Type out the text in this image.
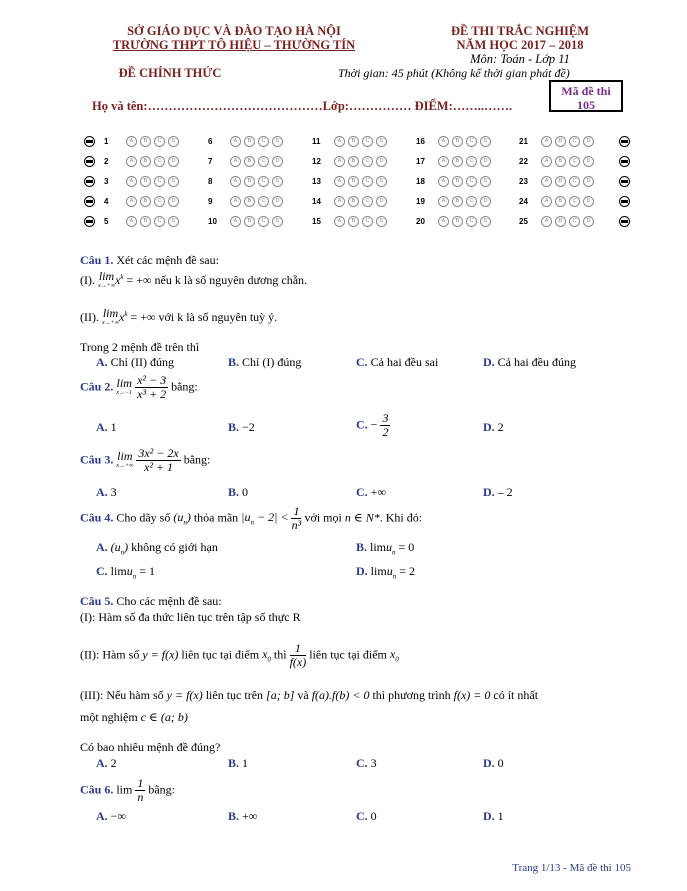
SỞ GIÁO DỤC VÀ ĐÀO TẠO HÀ NỘI
TRƯỜNG THPT TÔ HIỆU – THƯỜNG TÍN
ĐỀ CHÍNH THỨC
ĐỀ THI TRẮC NGHIỆM
NĂM HỌC 2017 – 2018
Môn: Toán - Lớp 11
Thời gian: 45 phút (Không kể thời gian phát đề)
Họ và tên:……………………………………Lớp:…………… ĐIỂM:……..…….
Mã đề thi
105
1	A	B	C	D	6	A	B	C	D	11	A	B	C	D	16	A	B	C	D	21	A	B	C	D
2	A	B	C	D	7	A	B	C	D	12	A	B	C	D	17	A	B	C	D	22	A	B	C	D
3	A	B	C	D	8	A	B	C	D	13	A	B	C	D	18	A	B	C	D	23	A	B	C	D
4	A	B	C	D	9	A	B	C	D	14	A	B	C	D	19	A	B	C	D	24	A	B	C	D
5	A	B	C	D	10	A	B	C	D	15	A	B	C	D	20	A	B	C	D	25	A	B	C	D
Câu 1. Xét các mệnh đề sau:
(I). lim
x→+∞ $x^k$ = +∞ nếu k là số nguyên dương chẵn.
(II). lim
x→+∞ $x^k$ = +∞ với k là số nguyên tuỳ ý.
Trong 2 mệnh đề trên thì
A. Chỉ (II) đúng	B. Chỉ (I) đúng	C. Cả hai đều sai	D. Cả hai đều đúng
Câu 2. lim
x→−1
$\frac{\text{x² − 3}}{\text{x³ + 2}}$ bằng:
A. 1	B. −2	C. − $\frac{3}{2}$	D. 2
Câu 3. lim
x→+∞
$\frac{\text{3x² − 2x}}{\text{x² + 1}}$ bằng:
A. 3	B. 0	C. +∞	D. – 2
Câu 4. Cho dãy số $(u_n)$ thỏa mãn $|u_n - 2| < \frac{1}{\text{n³}}$ với mọi n ∈ N*. Khi đó:
A. $(u_n)$ không có giới hạn	B. limu$_n$ = 0
C. limu$_n$ = 1	D. limu$_n$ = 2
Câu 5. Cho các mệnh đề sau:
(I): Hàm số đa thức liên tục trên tập số thực R
(II): Hàm số y = f(x) liên tục tại điểm $x_0$ thì $\frac{1}{f(x)}$ liên tục tại điểm $x_0$
(III): Nếu hàm số y = f(x) liên tục trên [a; b] và f(a).f(b) < 0 thì phương trình f(x) = 0 có ít nhất
một nghiệm c ∈ (a; b)
Có bao nhiêu mệnh đề đúng?
A. 2	B. 1	C. 3	D. 0
Câu 6. $\lim \frac{1}{n}$ bằng:
A. −∞	B. +∞	C. 0	D. 1
Trang 1/13 - Mã đề thi 105
